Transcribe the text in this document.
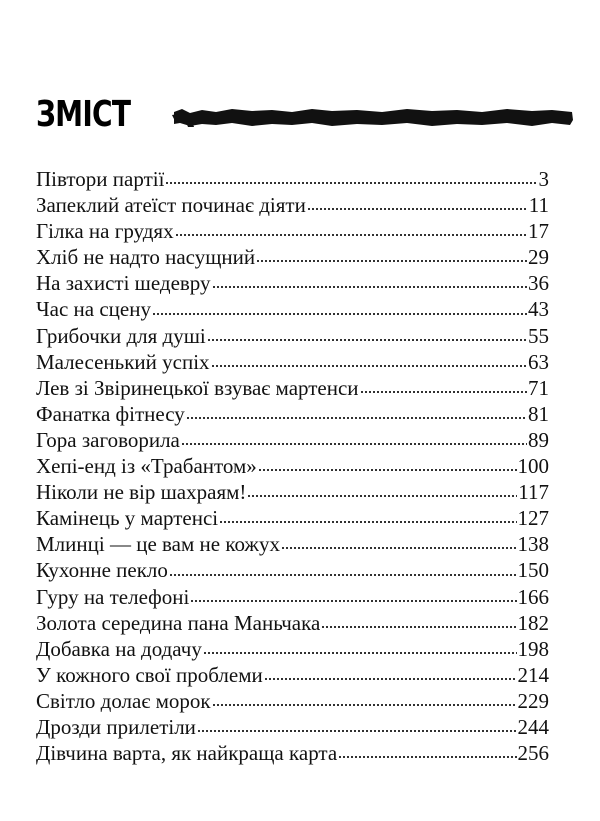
ЗМІСТ
Півтори партії	3
Запеклий атеїст починає діяти	11
Гілка на грудях	17
Хліб не надто насущний	29
На захисті шедевру	36
Час на сцену	43
Грибочки для душі	55
Малесенький успіх	63
Лев зі Звіринецької взуває мартенси	71
Фанатка фітнесу	81
Гора заговорила	89
Хепі-енд із «Трабантом»	100
Ніколи не вір шахраям!	117
Камінець у мартенсі	127
Млинці — це вам не кожух	138
Кухонне пекло	150
Гуру на телефоні	166
Золота середина пана Маньчака	182
Добавка на додачу	198
У кожного свої проблеми	214
Світло долає морок	229
Дрозди прилетіли	244
Дівчина варта, як найкраща карта	256
